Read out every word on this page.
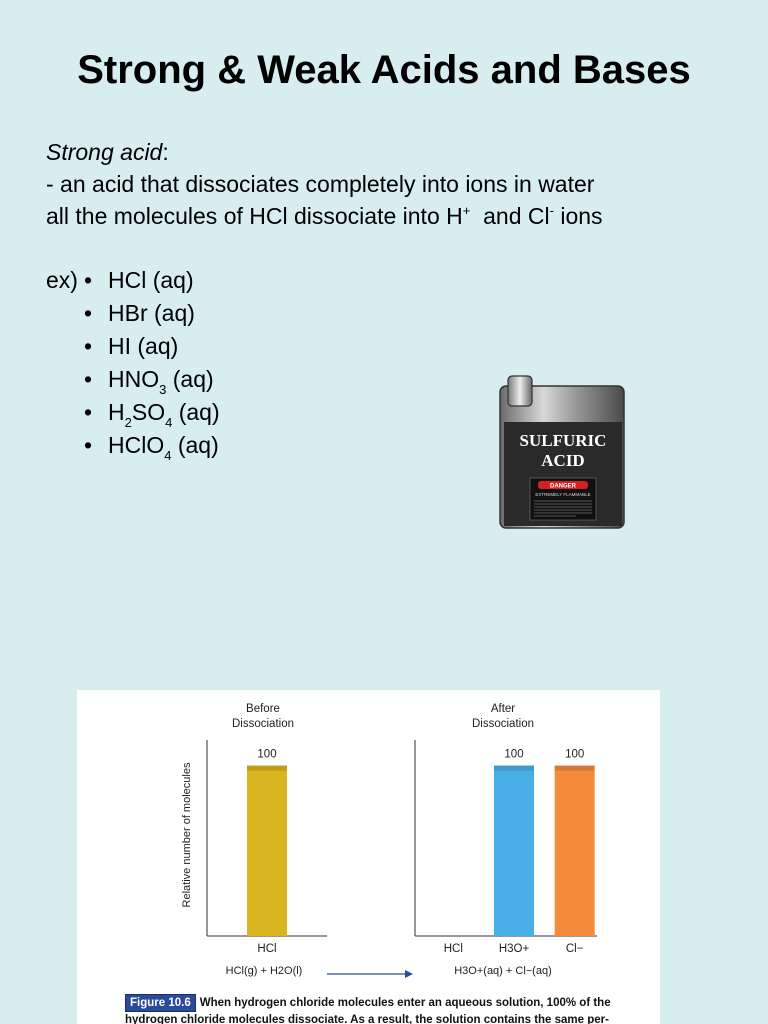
Strong & Weak Acids and Bases
Strong acid:
- an acid that dissociates completely into ions in water
all the molecules of HCl dissociate into H+  and Cl- ions
ex) • HCl (aq)
• HBr (aq)
• HI (aq)
• $HNO_3$ (aq)
• $H_2SO_4$ (aq)
• HClO$_4$ (aq)	SULFURIC
ACID
DANGER
EXTREMELY FLAMMABLE
Before
Dissociation
After
Dissociation
Relative number of molecules
100
HCl	HCl
100
H3O+
100
Cl−
HCl(g) + H2O(l)	H3O+(aq) + Cl−(aq)
Figure 10.6 When hydrogen chloride molecules enter an aqueous solution, 100% of the hydrogen chloride molecules dissociate. As a result, the solution contains the same per-
